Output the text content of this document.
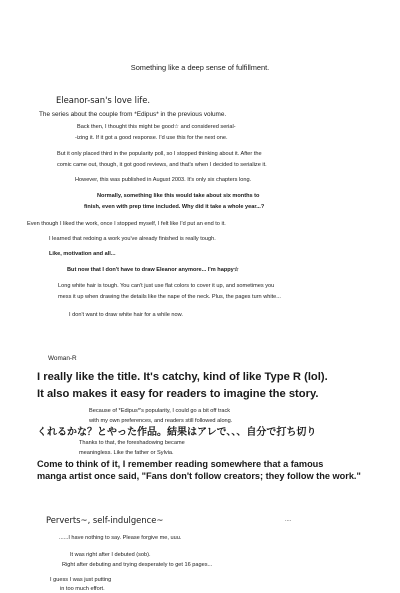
Something like a deep sense of fulfillment.
Eleanor-san's love life.
The series about the couple from *Edipus* in the previous volume.
Back then, I thought this might be good☆ and considered serial-
-izing it. If it got a good response. I'd use this for the next one.
But it only placed third in the popularity poll, so I stopped thinking about it. After the
comic came out, though, it got good reviews, and that's when I decided to serialize it.
However, this was published in August 2003. It's only six chapters long.
Normally, something like this would take about six months to
finish, even with prep time included. Why did it take a whole year...?
Even though I liked the work, once I stopped myself, I felt like I'd put an end to it.
I learned that redoing a work you've already finished is really tough.
Like, motivation and all...
But now that I don't have to draw Eleanor anymore... I'm happy☆
Long white hair is tough. You can't just use flat colors to cover it up, and sometimes you
mess it up when drawing the details like the nape of the neck. Plus, the pages turn white...
I don't want to draw white hair for a while now.
Woman-R
I really like the title. It's catchy, kind of like Type R (lol).
It also makes it easy for readers to imagine the story.
Because of *Edipus*'s popularity, I could go a bit off track
with my own preferences, and readers still followed along.
くれるかな？とやった作品。結果はアレで、、、自分で打ち切り
Thanks to that, the foreshadowing became
meaningless. Like the father or Sylvia.
Come to think of it, I remember reading somewhere that a famous
manga artist once said, "Fans don't follow creators; they follow the work."
Perverts~, self-indulgence~	....
......I have nothing to say. Please forgive me, uuu.
It was right after I debuted (sob).
Right after debuting and trying desperately to get 16 pages...
I guess I was just putting
in too much effort.
